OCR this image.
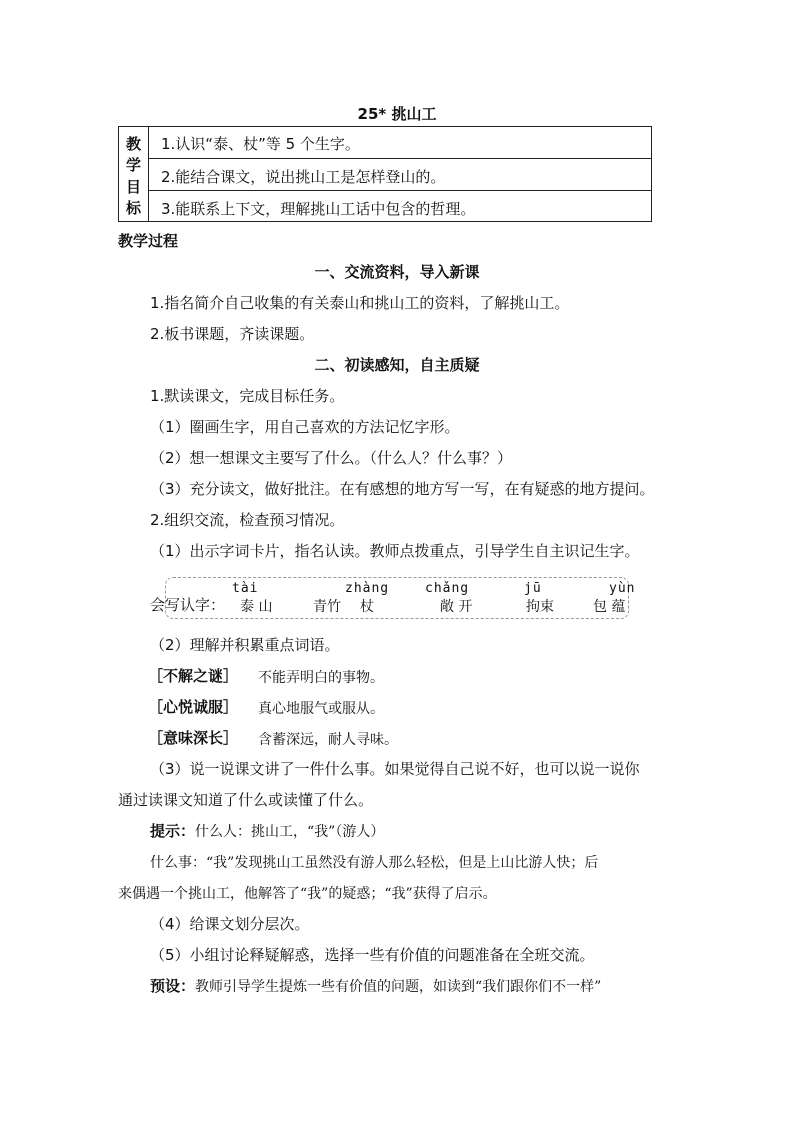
25* 挑山工
教
学
目
标
1.认识“泰、杖”等 5 个生字。
2.能结合课文，说出挑山工是怎样登山的。
3.能联系上下文，理解挑山工话中包含的哲理。
教学过程
一、交流资料，导入新课
1.指名简介自己收集的有关泰山和挑山工的资料，了解挑山工。
2.板书课题，齐读课题。
二、初读感知，自主质疑
1.默读课文，完成目标任务。
（1）圈画生字，用自己喜欢的方法记忆字形。
（2）想一想课文主要写了什么。（什么人？什么事？）
（3）充分读文，做好批注。在有感想的地方写一写，在有疑惑的地方提问。
2.组织交流，检查预习情况。
（1）出示字词卡片，指名认读。教师点拨重点，引导学生自主识记生字。
会写认字：
tài
泰 山	青竹
zhàng
杖
chǎng
敞 开
jū
拘束
yùn
包 蕴
（2）理解并积累重点词语。
［不解之谜］ 不能弄明白的事物。
［心悦诚服］ 真心地服气或服从。
［意味深长］ 含蓄深远，耐人寻味。
（3）说一说课文讲了一件什么事。如果觉得自己说不好，也可以说一说你
通过读课文知道了什么或读懂了什么。
提示：什么人：挑山工，“我”（游人）
什么事：“我”发现挑山工虽然没有游人那么轻松，但是上山比游人快；后
来偶遇一个挑山工，他解答了“我”的疑惑；“我”获得了启示。
（4）给课文划分层次。
（5）小组讨论释疑解惑，选择一些有价值的问题准备在全班交流。
预设：教师引导学生提炼一些有价值的问题，如读到“我们跟你们不一样”
